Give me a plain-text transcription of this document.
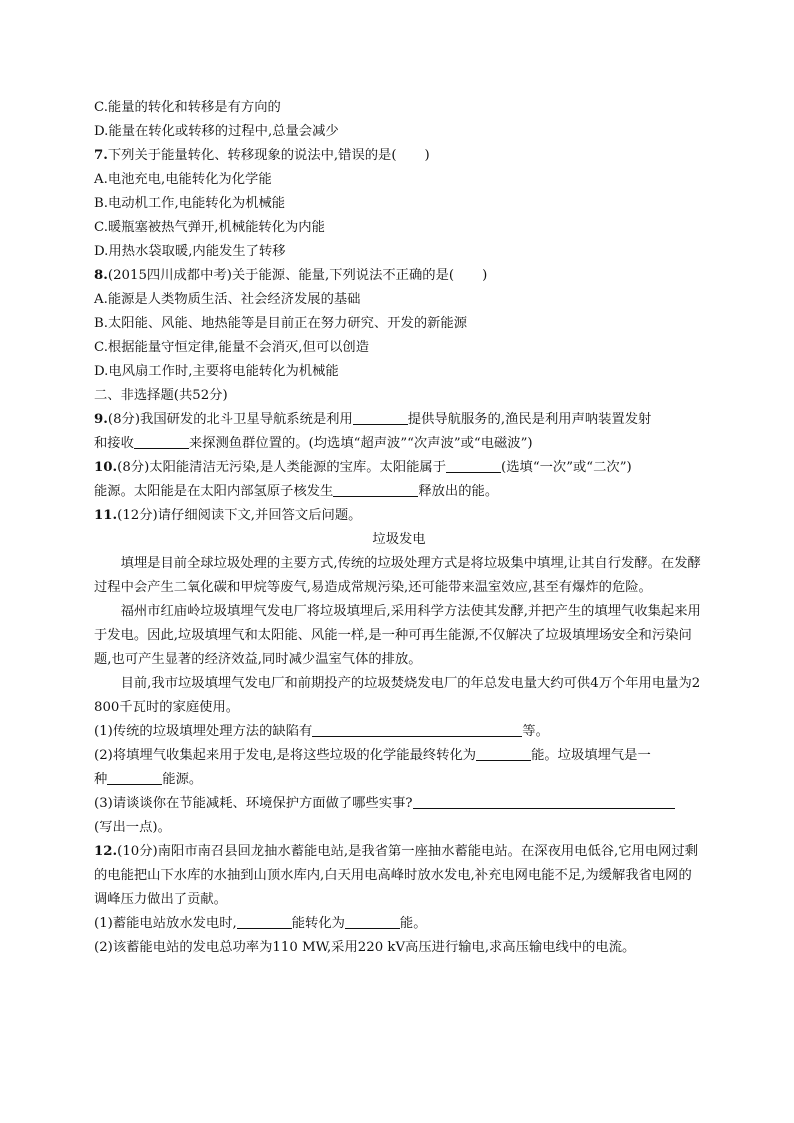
C.能量的转化和转移是有方向的
D.能量在转化或转移的过程中,总量会减少
7.下列关于能量转化、转移现象的说法中,错误的是( )
A.电池充电,电能转化为化学能
B.电动机工作,电能转化为机械能
C.暖瓶塞被热气弹开,机械能转化为内能
D.用热水袋取暖,内能发生了转移
8.(2015四川成都中考)关于能源、能量,下列说法不正确的是( )
A.能源是人类物质生活、社会经济发展的基础
B.太阳能、风能、地热能等是目前正在努力研究、开发的新能源
C.根据能量守恒定律,能量不会消灭,但可以创造
D.电风扇工作时,主要将电能转化为机械能
二、非选择题(共52分)
9.(8分)我国研发的北斗卫星导航系统是利用	提供导航服务的,渔民是利用声呐装置发射
和接收	来探测鱼群位置的。(均选填“超声波”“次声波”或“电磁波”)
10.(8分)太阳能清洁无污染,是人类能源的宝库。太阳能属于	(选填“一次”或“二次”)
能源。太阳能是在太阳内部氢原子核发生	释放出的能。
11.(12分)请仔细阅读下文,并回答文后问题。
垃圾发电
填埋是目前全球垃圾处理的主要方式,传统的垃圾处理方式是将垃圾集中填埋,让其自行发酵。在发酵过程中会产生二氧化碳和甲烷等废气,易造成常规污染,还可能带来温室效应,甚至有爆炸的危险。
福州市红庙岭垃圾填埋气发电厂将垃圾填埋后,采用科学方法使其发酵,并把产生的填埋气收集起来用于发电。因此,垃圾填埋气和太阳能、风能一样,是一种可再生能源,不仅解决了垃圾填埋场安全和污染问题,也可产生显著的经济效益,同时减少温室气体的排放。
目前,我市垃圾填埋气发电厂和前期投产的垃圾焚烧发电厂的年总发电量大约可供4万个年用电量为2 800千瓦时的家庭使用。
(1)传统的垃圾填埋处理方法的缺陷有	等。
(2)将填埋气收集起来用于发电,是将这些垃圾的化学能最终转化为	能。垃圾填埋气是一
种	能源。
(3)请谈谈你在节能减耗、环境保护方面做了哪些实事?
(写出一点)。
12.(10分)南阳市南召县回龙抽水蓄能电站,是我省第一座抽水蓄能电站。在深夜用电低谷,它用电网过剩的电能把山下水库的水抽到山顶水库内,白天用电高峰时放水发电,补充电网电能不足,为缓解我省电网的调峰压力做出了贡献。
(1)蓄能电站放水发电时,	能转化为	能。
(2)该蓄能电站的发电总功率为110 MW,采用220 kV高压进行输电,求高压输电线中的电流。
